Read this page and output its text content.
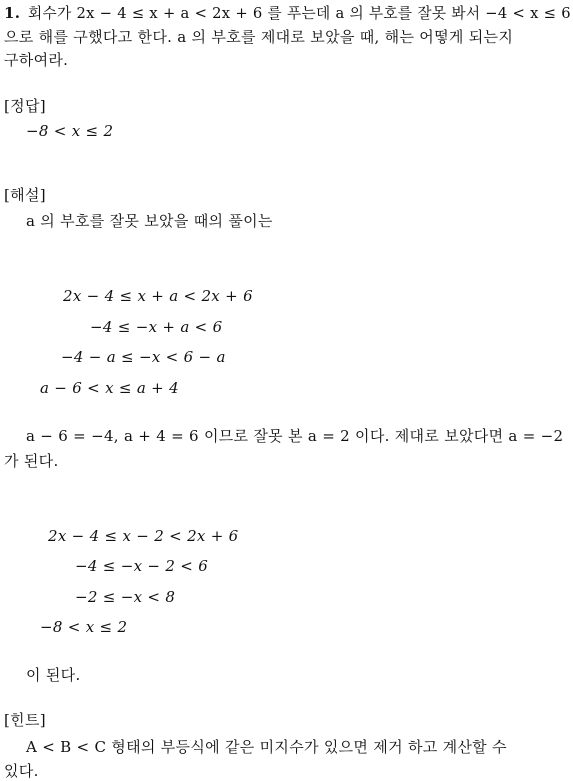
1. 회수가 2x − 4 ≤ x + a < 2x + 6 를 푸는데 a 의 부호를 잘못 봐서 −4 < x ≤ 6
으로 해를 구했다고 한다. a 의 부호를 제대로 보았을 때, 해는 어떻게 되는지
구하여라.
[정답]
−8 < x ≤ 2
[해설]
a 의 부호를 잘못 보았을 때의 풀이는
2x − 4 ≤ x + a < 2x + 6
−4 ≤ −x + a < 6
−4 − a ≤ −x < 6 − a
a − 6 < x ≤ a + 4
a − 6 = −4, a + 4 = 6 이므로 잘못 본 a = 2 이다. 제대로 보았다면 a = −2
가 된다.
2x − 4 ≤ x − 2 < 2x + 6
−4 ≤ −x − 2 < 6
−2 ≤ −x < 8
−8 < x ≤ 2
이 된다.
[힌트]
A < B < C 형태의 부등식에 같은 미지수가 있으면 제거 하고 계산할 수
있다.
